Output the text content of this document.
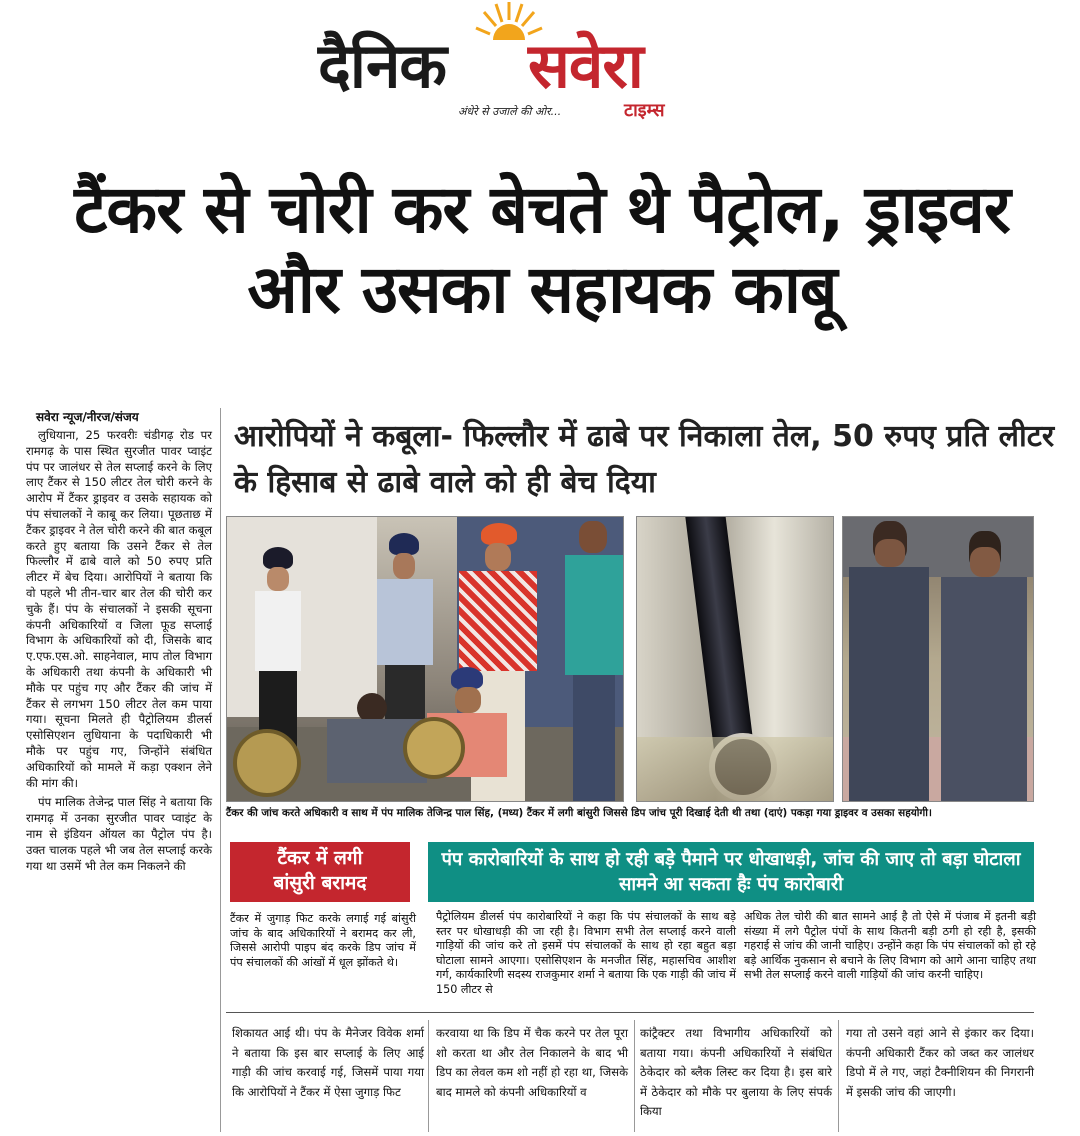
दैनिक सवेरा
अंधेरे से उजाले की ओर...	टाइम्स
टैंकर से चोरी कर बेचते थे पैट्रोल, ड्राइवर और उसका सहायक काबू
सवेरा न्यूज/नीरज/संजय

लुधियाना, 25 फरवरीः चंडीगढ़ रोड पर रामगढ़ के पास स्थित सुरजीत पावर प्वाइंट पंप पर जालंधर से तेल सप्लाई करने के लिए लाए टैंकर से 150 लीटर तेल चोरी करने के आरोप में टैंकर ड्राइवर व उसके सहायक को पंप संचालकों ने काबू कर लिया। पूछताछ में टैंकर ड्राइवर ने तेल चोरी करने की बात कबूल करते हुए बताया कि उसने टैंकर से तेल फिल्लौर में ढाबे वाले को 50 रुपए प्रति लीटर में बेच दिया। आरोपियों ने बताया कि वो पहले भी तीन-चार बार तेल की चोरी कर चुके हैं। पंप के संचालकों ने इसकी सूचना कंपनी अधिकारियों व जिला फूड सप्लाई विभाग के अधिकारियों को दी, जिसके बाद ए.एफ.एस.ओ. साहनेवाल, माप तोल विभाग के अधिकारी तथा कंपनी के अधिकारी भी मौके पर पहुंच गए और टैंकर की जांच में टैंकर से लगभग 150 लीटर तेल कम पाया गया। सूचना मिलते ही पैट्रोलियम डीलर्स एसोसिएशन लुधियाना के पदाधिकारी भी मौके पर पहुंच गए, जिन्होंने संबंधित अधिकारियों को मामले में कड़ा एक्शन लेने की मांग की।

पंप मालिक तेजेन्द्र पाल सिंह ने बताया कि रामगढ़ में उनका सुरजीत पावर प्वाइंट के नाम से इंडियन ऑयल का पैट्रोल पंप है। उक्त चालक पहले भी जब तेल सप्लाई करके गया था उसमें भी तेल कम निकलने की

आरोपियों ने कबूला- फिल्लौर में ढाबे पर निकाला तेल, 50 रुपए प्रति लीटर के हिसाब से ढाबे वाले को ही बेच दिया
टैंकर की जांच करते अधिकारी व साथ में पंप मालिक तेजिन्द्र पाल सिंह, (मध्य) टैंकर में लगी बांसुरी जिससे डिप जांच पूरी दिखाई देती थी तथा (दाएं) पकड़ा गया ड्राइवर व उसका सहयोगी।
टैंकर में लगी
बांसुरी बरामद
पंप कारोबारियों के साथ हो रही बड़े पैमाने पर धोखाधड़ी, जांच की जाए तो बड़ा घोटाला सामने आ सकता हैः पंप कारोबारी
टैंकर में जुगाड़ फिट करके लगाई गई बांसुरी जांच के बाद अधिकारियों ने बरामद कर ली, जिससे आरोपी पाइप बंद करके डिप जांच में पंप संचालकों की आंखों में धूल झोंकते थे।
पैट्रोलियम डीलर्स पंप कारोबारियों ने कहा कि पंप संचालकों के साथ बड़े स्तर पर धोखाधड़ी की जा रही है। विभाग सभी तेल सप्लाई करने वाली गाड़ियों की जांच करे तो इसमें पंप संचालकों के साथ हो रहा बहुत बड़ा घोटाला सामने आएगा। एसोसिएशन के मनजीत सिंह, महासचिव आशीश गर्ग, कार्यकारिणी सदस्य राजकुमार शर्मा ने बताया कि एक गाड़ी की जांच में 150 लीटर से
अधिक तेल चोरी की बात सामने आई है तो ऐसे में पंजाब में इतनी बड़ी संख्या में लगे पैट्रोल पंपों के साथ कितनी बड़ी ठगी हो रही है, इसकी गहराई से जांच की जानी चाहिए। उन्होंने कहा कि पंप संचालकों को हो रहे बड़े आर्थिक नुकसान से बचाने के लिए विभाग को आगे आना चाहिए तथा सभी तेल सप्लाई करने वाली गाड़ियों की जांच करनी चाहिए।
शिकायत आई थी। पंप के मैनेजर विवेक शर्मा ने बताया कि इस बार सप्लाई के लिए आई गाड़ी की जांच करवाई गई, जिसमें पाया गया कि आरोपियों ने टैंकर में ऐसा जुगाड़ फिट
करवाया था कि डिप में चैक करने पर तेल पूरा शो करता था और तेल निकालने के बाद भी डिप का लेवल कम शो नहीं हो रहा था, जिसके बाद मामले को कंपनी अधिकारियों व
कांट्रैक्टर तथा विभागीय अधिकारियों को बताया गया। कंपनी अधिकारियों ने संबंधित ठेकेदार को ब्लैक लिस्ट कर दिया है। इस बारे में ठेकेदार को मौके पर बुलाया के लिए संपर्क किया
गया तो उसने वहां आने से इंकार कर दिया। कंपनी अधिकारी टैंकर को जब्त कर जालंधर डिपो में ले गए, जहां टैक्नीशियन की निगरानी में इसकी जांच की जाएगी।
